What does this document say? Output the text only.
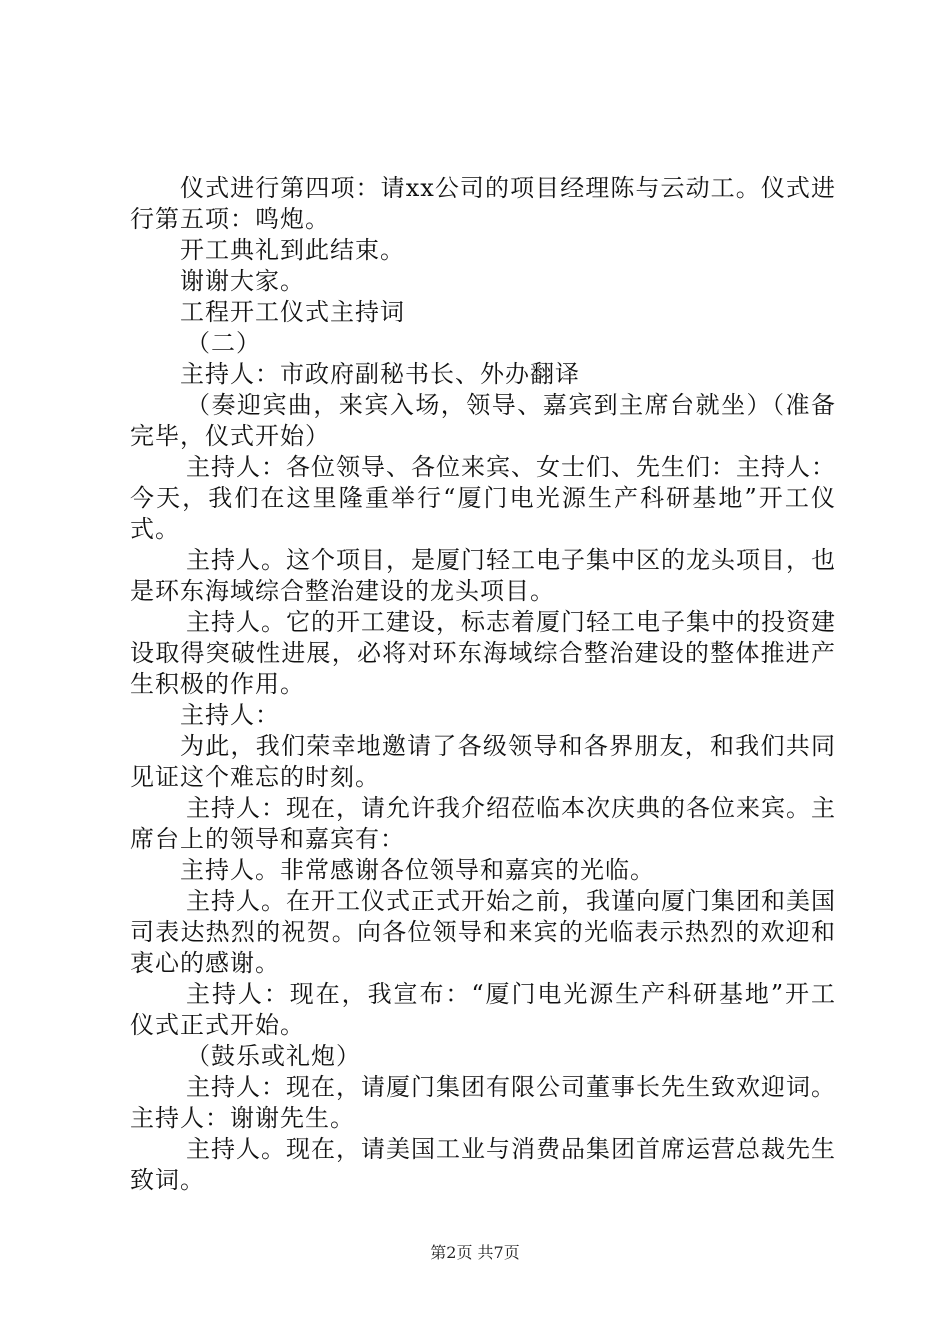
仪式进行第四项：请xx公司的项目经理陈与云动工。仪式进行第五项：鸣炮。

开工典礼到此结束。

谢谢大家。

工程开工仪式主持词

（二）

主持人：市政府副秘书长、外办翻译

（奏迎宾曲，来宾入场，领导、嘉宾到主席台就坐）（准备完毕，仪式开始）

主持人：各位领导、各位来宾、女士们、先生们：主持人：今天，我们在这里隆重举行“厦门电光源生产科研基地”开工仪式。

主持人。这个项目，是厦门轻工电子集中区的龙头项目，也是环东海域综合整治建设的龙头项目。

主持人。它的开工建设，标志着厦门轻工电子集中的投资建设取得突破性进展，必将对环东海域综合整治建设的整体推进产生积极的作用。

主持人：

为此，我们荣幸地邀请了各级领导和各界朋友，和我们共同见证这个难忘的时刻。

主持人：现在，请允许我介绍莅临本次庆典的各位来宾。主席台上的领导和嘉宾有：

主持人。非常感谢各位领导和嘉宾的光临。

主持人。在开工仪式正式开始之前，我谨向厦门集团和美国司表达热烈的祝贺。向各位领导和来宾的光临表示热烈的欢迎和衷心的感谢。

主持人：现在，我宣布：“厦门电光源生产科研基地”开工仪式正式开始。

（鼓乐或礼炮）

主持人：现在，请厦门集团有限公司董事长先生致欢迎词。主持人：谢谢先生。

主持人。现在，请美国工业与消费品集团首席运营总裁先生致词。

第2页 共7页
